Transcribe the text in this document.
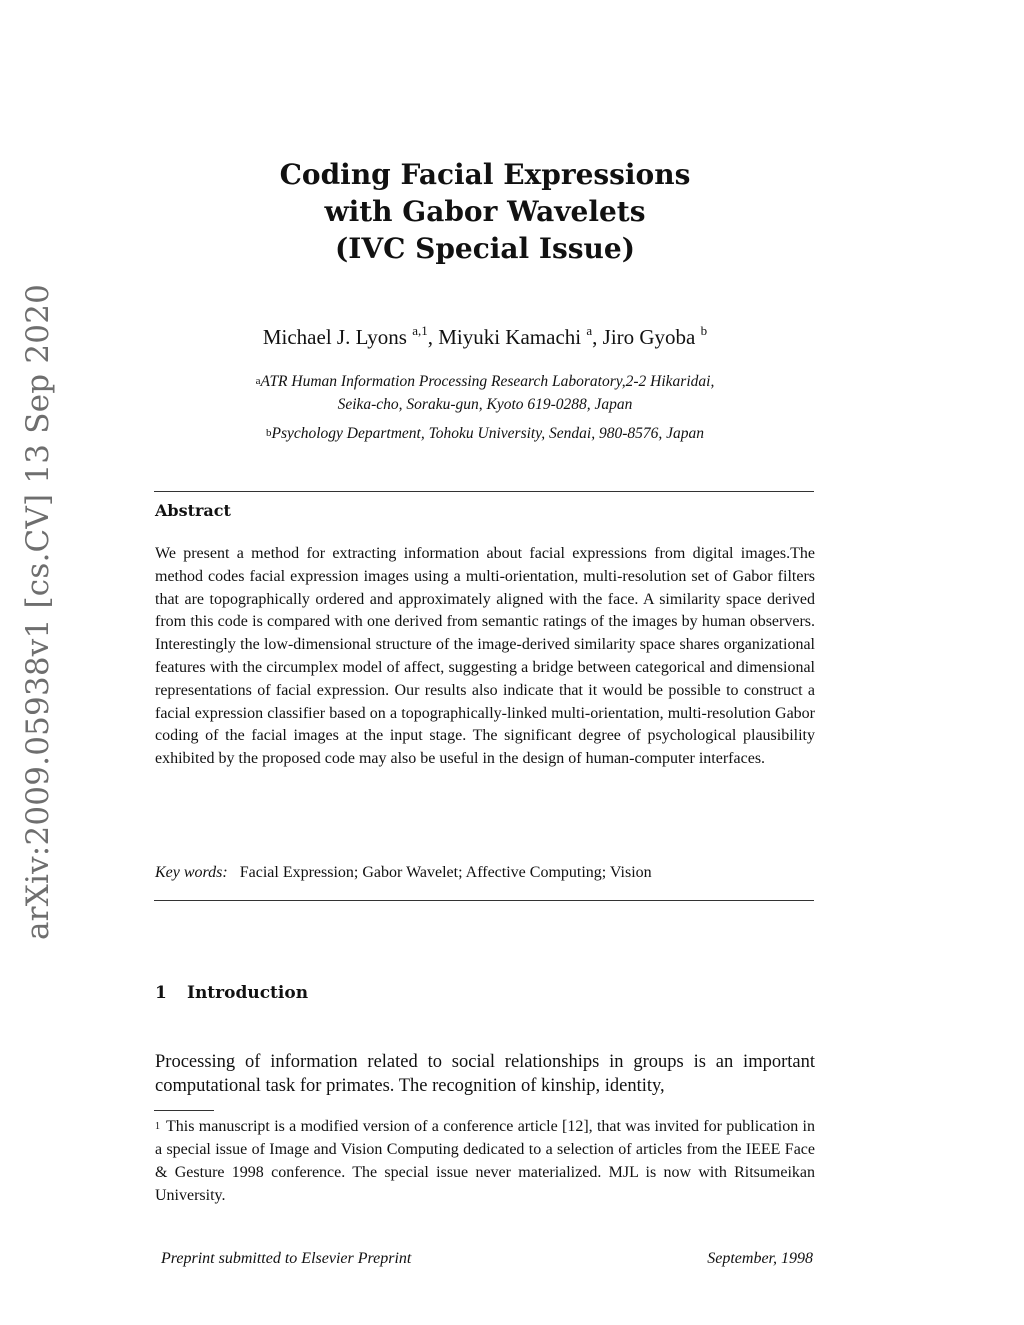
arXiv:2009.05938v1 [cs.CV] 13 Sep 2020
Coding Facial Expressions
with Gabor Wavelets
(IVC Special Issue)
Michael J. Lyons $^{a,1}$, Miyuki Kamachi $^a$, Jiro Gyoba $^b$
$^a$ATR Human Information Processing Research Laboratory,2-2 Hikaridai,
Seika-cho, Soraku-gun, Kyoto 619-0288, Japan
$^b$Psychology Department, Tohoku University, Sendai, 980-8576, Japan
Abstract
We present a method for extracting information about facial expressions from digital images.The method codes facial expression images using a multi-orientation, multi-resolution set of Gabor filters that are topographically ordered and approximately aligned with the face. A similarity space derived from this code is compared with one derived from semantic ratings of the images by human observers. Interestingly the low-dimensional structure of the image-derived similarity space shares organizational features with the circumplex model of affect, suggesting a bridge between categorical and dimensional representations of facial expression. Our results also indicate that it would be possible to construct a facial expression classifier based on a topographically-linked multi-orientation, multi-resolution Gabor coding of the facial images at the input stage. The significant degree of psychological plausibility exhibited by the proposed code may also be useful in the design of human-computer interfaces.
Key words: Facial Expression; Gabor Wavelet; Affective Computing; Vision
1 Introduction
Processing of information related to social relationships in groups is an important computational task for primates. The recognition of kinship, identity,
$^1$ This manuscript is a modified version of a conference article [12], that was invited for publication in a special issue of Image and Vision Computing dedicated to a selection of articles from the IEEE Face & Gesture 1998 conference. The special issue never materialized. MJL is now with Ritsumeikan University.
Preprint submitted to Elsevier Preprint	September, 1998
